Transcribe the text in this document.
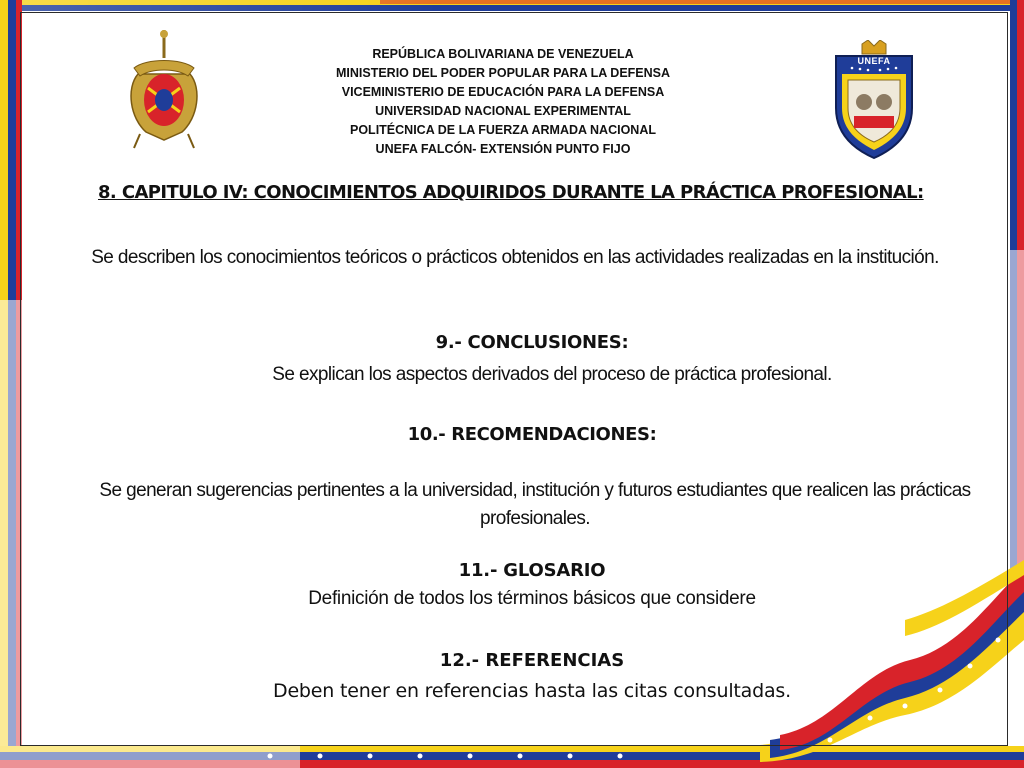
UNEFA
REPÚBLICA BOLIVARIANA DE VENEZUELA
MINISTERIO DEL PODER POPULAR PARA LA DEFENSA
VICEMINISTERIO DE EDUCACIÓN PARA LA DEFENSA
UNIVERSIDAD NACIONAL EXPERIMENTAL
POLITÉCNICA DE LA FUERZA ARMADA NACIONAL
UNEFA FALCÓN- EXTENSIÓN PUNTO FIJO
8. CAPITULO IV: CONOCIMIENTOS ADQUIRIDOS DURANTE LA PRÁCTICA PROFESIONAL:
Se describen los conocimientos teóricos o prácticos obtenidos en las actividades realizadas en la institución.
9.- CONCLUSIONES:
Se explican los aspectos derivados del proceso de práctica profesional.
10.- RECOMENDACIONES:
Se generan sugerencias pertinentes a la universidad, institución y futuros estudiantes que realicen las prácticas profesionales.
11.- GLOSARIO
Definición de todos los términos básicos que considere
12.- REFERENCIAS
Deben tener en referencias hasta las citas consultadas.
